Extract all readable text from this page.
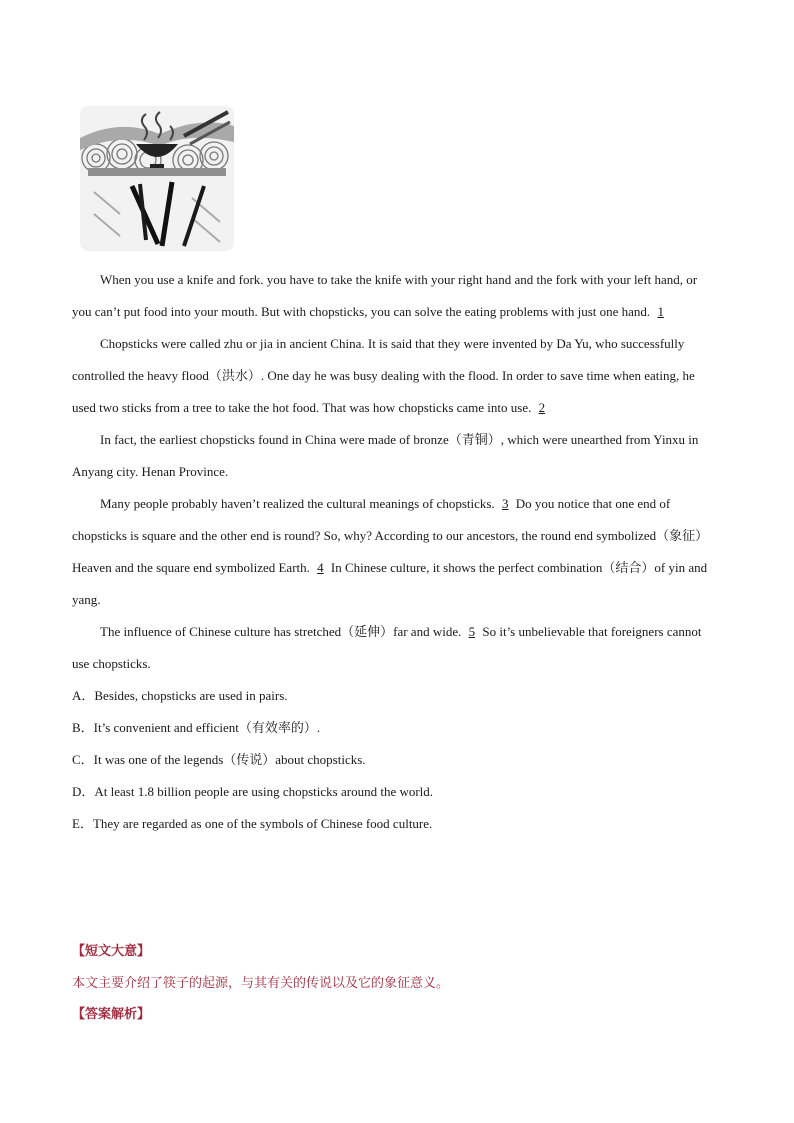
When you use a knife and fork. you have to take the knife with your right hand and the fork with your left hand, or you can’t put food into your mouth. But with chopsticks, you can solve the eating problems with just one hand. 1

Chopsticks were called zhu or jia in ancient China. It is said that they were invented by Da Yu, who successfully controlled the heavy flood（洪水）. One day he was busy dealing with the flood. In order to save time when eating, he used two sticks from a tree to take the hot food. That was how chopsticks came into use. 2

In fact, the earliest chopsticks found in China were made of bronze（青铜）, which were unearthed from Yinxu in Anyang city. Henan Province.

Many people probably haven’t realized the cultural meanings of chopsticks. 3 Do you notice that one end of chopsticks is square and the other end is round? So, why? According to our ancestors, the round end symbolized（象征）Heaven and the square end symbolized Earth. 4 In Chinese culture, it shows the perfect combination（结合）of yin and yang.

The influence of Chinese culture has stretched（延伸）far and wide. 5 So it’s unbelievable that foreigners cannot use chopsticks.

A．Besides, chopsticks are used in pairs.

B．It’s convenient and efficient（有效率的）.

C．It was one of the legends（传说）about chopsticks.

D．At least 1.8 billion people are using chopsticks around the world.

E．They are regarded as one of the symbols of Chinese food culture.

【短文大意】
本文主要介绍了筷子的起源，与其有关的传说以及它的象征意义。
【答案解析】
